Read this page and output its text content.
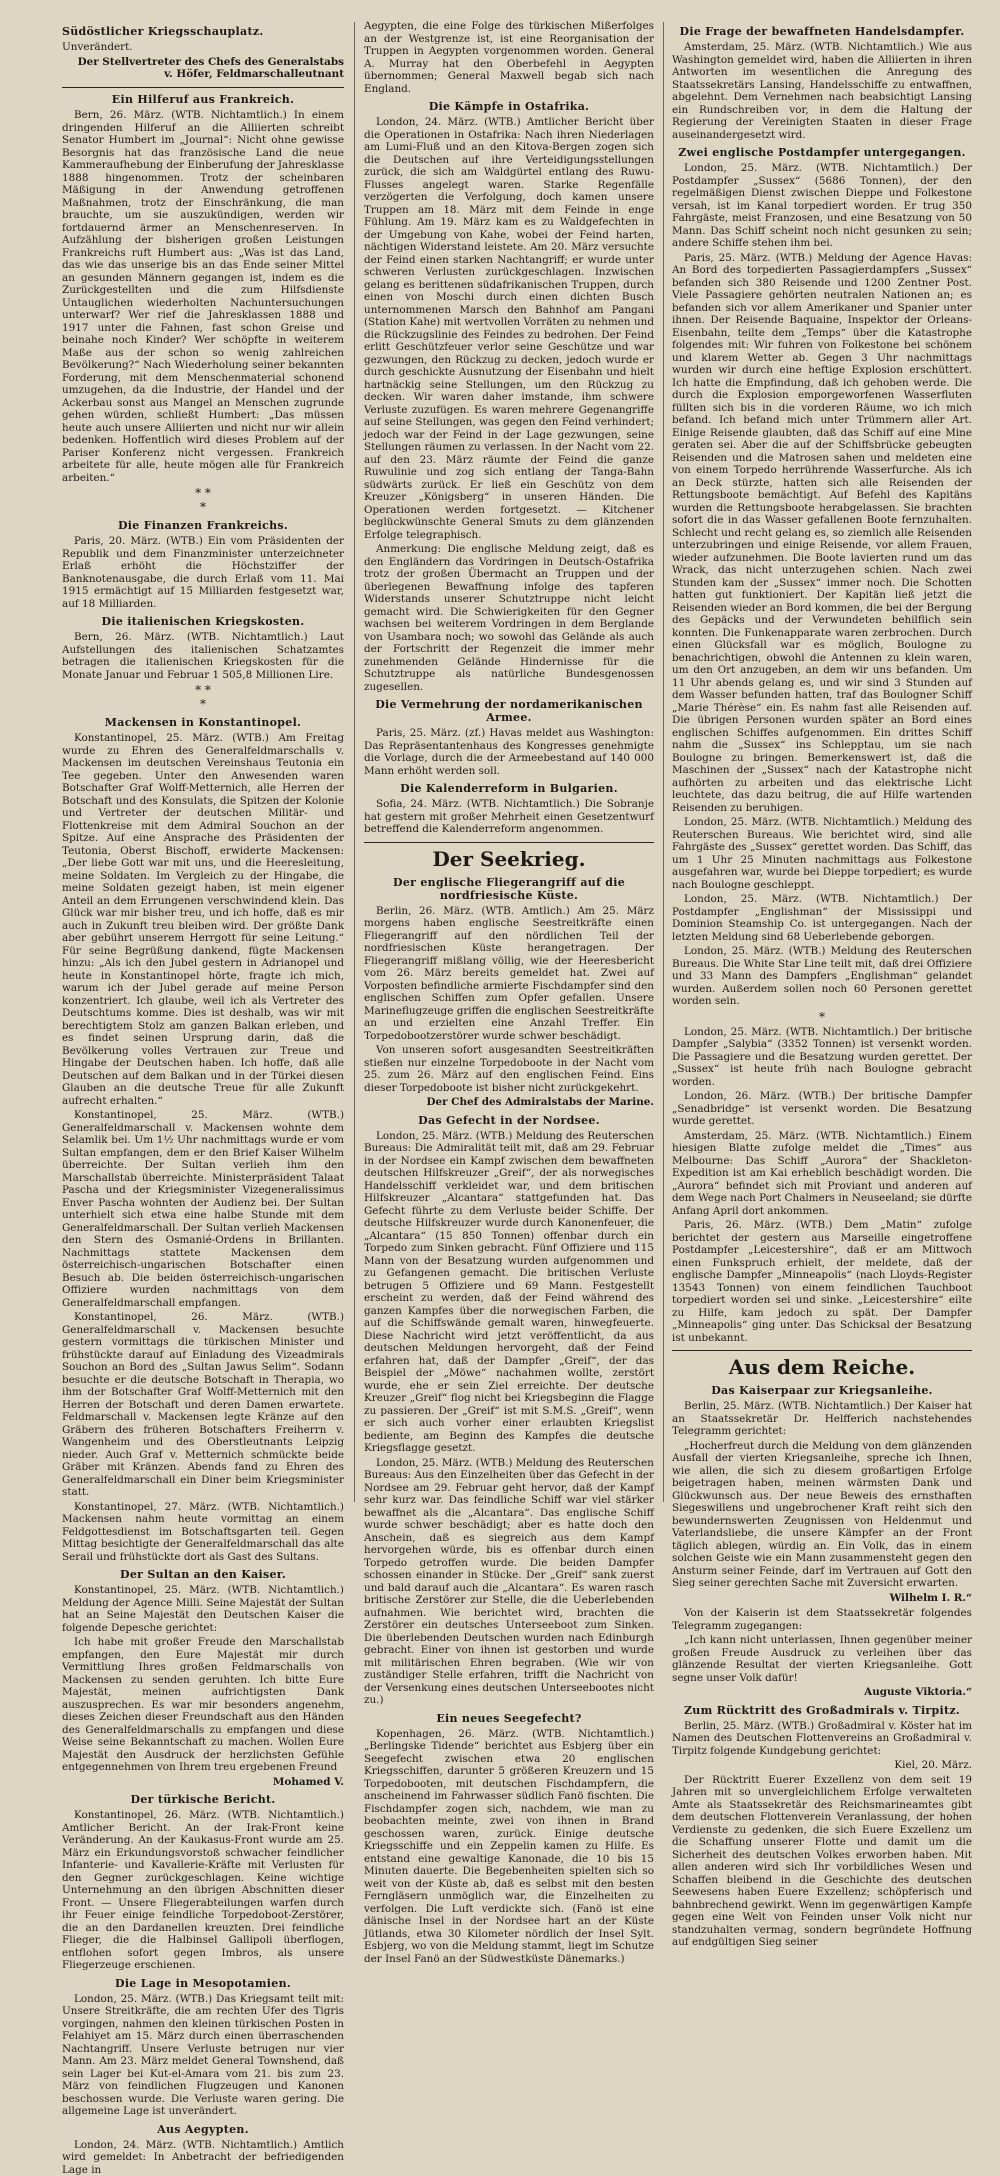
Südöstlicher Kriegsschauplatz.

Unverändert.

Der Stellvertreter des Chefs des Generalstabs v. Höfer, Feldmarschalleutnant

Ein Hilferuf aus Frankreich.

Bern, 26. März. (WTB. Nichtamtlich.) In einem dringenden Hilferuf an die Alliierten schreibt Senator Humbert im „Journal“: Nicht ohne gewisse Besorgnis hat das französische Land die neue Kammeraufhebung der Einberufung der Jahresklasse 1888 hingenommen. Trotz der scheinbaren Mäßigung in der Anwendung getroffenen Maßnahmen, trotz der Einschränkung, die man brauchte, um sie auszukündigen, werden wir fortdauernd ärmer an Menschenreserven. In Aufzählung der bisherigen großen Leistungen Frankreichs ruft Humbert aus: „Was ist das Land, das wie das unserige bis an das Ende seiner Mittel an gesunden Männern gegangen ist, indem es die Zurückgestellten und die zum Hilfsdienste Untauglichen wiederholten Nachuntersuchungen unterwarf? Wer rief die Jahresklassen 1888 und 1917 unter die Fahnen, fast schon Greise und beinahe noch Kinder? Wer schöpfte in weiterem Maße aus der schon so wenig zahlreichen Bevölkerung?“ Nach Wiederholung seiner bekannten Forderung, mit dem Menschenmaterial schonend umzugehen, da die Industrie, der Handel und der Ackerbau sonst aus Mangel an Menschen zugrunde gehen würden, schließt Humbert: „Das müssen heute auch unsere Alliierten und nicht nur wir allein bedenken. Hoffentlich wird dieses Problem auf der Pariser Konferenz nicht vergessen. Frankreich arbeitete für alle, heute mögen alle für Frankreich arbeiten.“

* *
*
Die Finanzen Frankreichs.

Paris, 20. März. (WTB.) Ein vom Präsidenten der Republik und dem Finanzminister unterzeichneter Erlaß erhöht die Höchstziffer der Banknotenausgabe, die durch Erlaß vom 11. Mai 1915 ermächtigt auf 15 Milliarden festgesetzt war, auf 18 Milliarden.

Die italienischen Kriegskosten.

Bern, 26. März. (WTB. Nichtamtlich.) Laut Aufstellungen des italienischen Schatzamtes betragen die italienischen Kriegskosten für die Monate Januar und Februar 1 505,8 Millionen Lire.

* *
*
Mackensen in Konstantinopel.

Konstantinopel, 25. März. (WTB.) Am Freitag wurde zu Ehren des Generalfeldmarschalls v. Mackensen im deutschen Vereinshaus Teutonia ein Tee gegeben. Unter den Anwesenden waren Botschafter Graf Wolff-Metternich, alle Herren der Botschaft und des Konsulats, die Spitzen der Kolonie und Vertreter der deutschen Militär- und Flottenkreise mit dem Admiral Souchon an der Spitze. Auf eine Ansprache des Präsidenten der Teutonia, Oberst Bischoff, erwiderte Mackensen: „Der liebe Gott war mit uns, und die Heeresleitung, meine Soldaten. Im Vergleich zu der Hingabe, die meine Soldaten gezeigt haben, ist mein eigener Anteil an dem Errungenen verschwindend klein. Das Glück war mir bisher treu, und ich hoffe, daß es mir auch in Zukunft treu bleiben wird. Der größte Dank aber gebührt unserem Herrgott für seine Leitung.“ Für seine Begrüßung dankend, fügte Mackensen hinzu: „Als ich den Jubel gestern in Adrianopel und heute in Konstantinopel hörte, fragte ich mich, warum ich der Jubel gerade auf meine Person konzentriert. Ich glaube, weil ich als Vertreter des Deutschtums komme. Dies ist deshalb, was wir mit berechtigtem Stolz am ganzen Balkan erleben, und es findet seinen Ursprung darin, daß die Bevölkerung volles Vertrauen zur Treue und Hingabe der Deutschen haben. Ich hoffe, daß alle Deutschen auf dem Balkan und in der Türkei diesen Glauben an die deutsche Treue für alle Zukunft aufrecht erhalten.“

Konstantinopel, 25. März. (WTB.) Generalfeldmarschall v. Mackensen wohnte dem Selamlik bei. Um 1½ Uhr nachmittags wurde er vom Sultan empfangen, dem er den Brief Kaiser Wilhelm überreichte. Der Sultan verlieh ihm den Marschallstab überreichte. Ministerpräsident Talaat Pascha und der Kriegsminister Vizegeneralissimus Enver Pascha wohnten der Audienz bei. Der Sultan unterhielt sich etwa eine halbe Stunde mit dem Generalfeldmarschall. Der Sultan verlieh Mackensen den Stern des Osmanié-Ordens in Brillanten. Nachmittags stattete Mackensen dem österreichisch-ungarischen Botschafter einen Besuch ab. Die beiden österreichisch-ungarischen Offiziere wurden nachmittags von dem Generalfeldmarschall empfangen.

Konstantinopel, 26. März. (WTB.) Generalfeldmarschall v. Mackensen besuchte gestern vormittags die türkischen Minister und frühstückte darauf auf Einladung des Vizeadmirals Souchon an Bord des „Sultan Jawus Selim“. Sodann besuchte er die deutsche Botschaft in Therapia, wo ihm der Botschafter Graf Wolff-Metternich mit den Herren der Botschaft und deren Damen erwartete. Feldmarschall v. Mackensen legte Kränze auf den Gräbern des früheren Botschafters Freiherrn v. Wangenheim und des Oberstleutnants Leipzig nieder. Auch Graf v. Metternich schmückte beide Gräber mit Kränzen. Abends fand zu Ehren des Generalfeldmarschall ein Diner beim Kriegsminister statt.

Konstantinopel, 27. März. (WTB. Nichtamtlich.) Mackensen nahm heute vormittag an einem Feldgottesdienst im Botschaftsgarten teil. Gegen Mittag besichtigte der Generalfeldmarschall das alte Serail und frühstückte dort als Gast des Sultans.

Der Sultan an den Kaiser.

Konstantinopel, 25. März. (WTB. Nichtamtlich.) Meldung der Agence Milli. Seine Majestät der Sultan hat an Seine Majestät den Deutschen Kaiser die folgende Depesche gerichtet:

Ich habe mit großer Freude den Marschallstab empfangen, den Eure Majestät mir durch Vermittlung Ihres großen Feldmarschalls von Mackensen zu senden geruhten. Ich bitte Eure Majestät, meinen aufrichtigsten Dank auszusprechen. Es war mir besonders angenehm, dieses Zeichen dieser Freundschaft aus den Händen des Generalfeldmarschalls zu empfangen und diese Weise seine Bekanntschaft zu machen. Wollen Eure Majestät den Ausdruck der herzlichsten Gefühle entgegennehmen von Ihrem treu ergebenen Freund

Mohamed V.

Der türkische Bericht.

Konstantinopel, 26. März. (WTB. Nichtamtlich.) Amtlicher Bericht. An der Irak-Front keine Veränderung. An der Kaukasus-Front wurde am 25. März ein Erkundungsvorstoß schwacher feindlicher Infanterie- und Kavallerie-Kräfte mit Verlusten für den Gegner zurückgeschlagen. Keine wichtige Unternehmung an den übrigen Abschnitten dieser Front. — Unsere Fliegerabteilungen warfen durch ihr Feuer einige feindliche Torpedoboot-Zerstörer, die an den Dardanellen kreuzten. Drei feindliche Flieger, die die Halbinsel Gallipoli überflogen, entflohen sofort gegen Imbros, als unsere Fliegerzeuge erschienen.

Die Lage in Mesopotamien.

London, 25. März. (WTB.) Das Kriegsamt teilt mit: Unsere Streitkräfte, die am rechten Ufer des Tigris vorgingen, nahmen den kleinen türkischen Posten in Felahiyet am 15. März durch einen überraschenden Nachtangriff. Unsere Verluste betrugen nur vier Mann. Am 23. März meldet General Townshend, daß sein Lager bei Kut-el-Amara vom 21. bis zum 23. März von feindlichen Flugzeugen und Kanonen beschossen wurde. Die Verluste waren gering. Die allgemeine Lage ist unverändert.

Aus Aegypten.

London, 24. März. (WTB. Nichtamtlich.) Amtlich wird gemeldet: In Anbetracht der befriedigenden Lage in

Aegypten, die eine Folge des türkischen Mißerfolges an der Westgrenze ist, ist eine Reorganisation der Truppen in Aegypten vorgenommen worden. General A. Murray hat den Oberbefehl in Aegypten übernommen; General Maxwell begab sich nach England.

Die Kämpfe in Ostafrika.

London, 24. März. (WTB.) Amtlicher Bericht über die Operationen in Ostafrika: Nach ihren Niederlagen am Lumi-Fluß und an den Kitova-Bergen zogen sich die Deutschen auf ihre Verteidigungsstellungen zurück, die sich am Waldgürtel entlang des Ruwu-Flusses angelegt waren. Starke Regenfälle verzögerten die Verfolgung, doch kamen unsere Truppen am 18. März mit dem Feinde in enge Fühlung. Am 19. März kam es zu Waldgefechten in der Umgebung von Kahe, wobei der Feind harten, nächtigen Widerstand leistete. Am 20. März versuchte der Feind einen starken Nachtangriff; er wurde unter schweren Verlusten zurückgeschlagen. Inzwischen gelang es berittenen südafrikanischen Truppen, durch einen von Moschi durch einen dichten Busch unternommenen Marsch den Bahnhof am Pangani (Station Kahe) mit wertvollen Vorräten zu nehmen und die Rückzugslinie des Feindes zu bedrohen. Der Feind erlitt Geschützfeuer verlor seine Geschütze und war gezwungen, den Rückzug zu decken, jedoch wurde er durch geschickte Ausnutzung der Eisenbahn und hielt hartnäckig seine Stellungen, um den Rückzug zu decken. Wir waren daher imstande, ihm schwere Verluste zuzufügen. Es waren mehrere Gegenangriffe auf seine Stellungen, was gegen den Feind verhindert; jedoch war der Feind in der Lage gezwungen, seine Stellungen räumen zu verlassen. In der Nacht vom 22. auf den 23. März räumte der Feind die ganze Ruwulinie und zog sich entlang der Tanga-Bahn südwärts zurück. Er ließ ein Geschütz von dem Kreuzer „Königsberg“ in unseren Händen. Die Operationen werden fortgesetzt. — Kitchener beglückwünschte General Smuts zu dem glänzenden Erfolge telegraphisch.

Anmerkung: Die englische Meldung zeigt, daß es den Engländern das Vordringen in Deutsch-Ostafrika trotz der großen Übermacht an Truppen und der überlegenen Bewaffnung infolge des tapferen Widerstands unserer Schutztruppe nicht leicht gemacht wird. Die Schwierigkeiten für den Gegner wachsen bei weiterem Vordringen in dem Berglande von Usambara noch; wo sowohl das Gelände als auch der Fortschritt der Regenzeit die immer mehr zunehmenden Gelände Hindernisse für die Schutztruppe als natürliche Bundesgenossen zugesellen.

Die Vermehrung der nordamerikanischen Armee.

Paris, 25. März. (zf.) Havas meldet aus Washington: Das Repräsentantenhaus des Kongresses genehmigte die Vorlage, durch die der Armeebestand auf 140 000 Mann erhöht werden soll.

Die Kalenderreform in Bulgarien.

Sofia, 24. März. (WTB. Nichtamtlich.) Die Sobranje hat gestern mit großer Mehrheit einen Gesetzentwurf betreffend die Kalenderreform angenommen.

Der Seekrieg.
Der englische Fliegerangriff auf die nordfriesische Küste.

Berlin, 26. März. (WTB. Amtlich.) Am 25. März morgens haben englische Seestreitkräfte einen Fliegerangriff auf den nördlichen Teil der nordfriesischen Küste herangetragen. Der Fliegerangriff mißlang völlig, wie der Heeresbericht vom 26. März bereits gemeldet hat. Zwei auf Vorposten befindliche armierte Fischdampfer sind den englischen Schiffen zum Opfer gefallen. Unsere Marineflugzeuge griffen die englischen Seestreitkräfte an und erzielten eine Anzahl Treffer. Ein Torpedobootzerstörer wurde schwer beschädigt.

Von unseren sofort ausgesandten Seestreitkräften stießen nur einzelne Torpedoboote in der Nacht vom 25. zum 26. März auf den englischen Feind. Eins dieser Torpedoboote ist bisher nicht zurückgekehrt.

Der Chef des Admiralstabs der Marine.

Das Gefecht in der Nordsee.

London, 25. März. (WTB.) Meldung des Reuterschen Bureaus: Die Admiralität teilt mit, daß am 29. Februar in der Nordsee ein Kampf zwischen dem bewaffneten deutschen Hilfskreuzer „Greif“, der als norwegisches Handelsschiff verkleidet war, und dem britischen Hilfskreuzer „Alcantara“ stattgefunden hat. Das Gefecht führte zu dem Verluste beider Schiffe. Der deutsche Hilfskreuzer wurde durch Kanonenfeuer, die „Alcantara“ (15 850 Tonnen) offenbar durch ein Torpedo zum Sinken gebracht. Fünf Offiziere und 115 Mann von der Besatzung wurden aufgenommen und zu Gefangenen gemacht. Die britischen Verluste betrugen 5 Offiziere und 69 Mann. Festgestellt erscheint zu werden, daß der Feind während des ganzen Kampfes über die norwegischen Farben, die auf die Schiffswände gemalt waren, hinwegfeuerte. Diese Nachricht wird jetzt veröffentlicht, da aus deutschen Meldungen hervorgeht, daß der Feind erfahren hat, daß der Dampfer „Greif“, der das Beispiel der „Möwe“ nachahmen wollte, zerstört wurde, ehe er sein Ziel erreichte. Der deutsche Kreuzer „Greif“ flog nicht bei Kriegsbeginn die Flagge zu passieren. Der „Greif“ ist mit S.M.S. „Greif“, wenn er sich auch vorher einer erlaubten Kriegslist bediente, am Beginn des Kampfes die deutsche Kriegsflagge gesetzt.

London, 25. März. (WTB.) Meldung des Reuterschen Bureaus: Aus den Einzelheiten über das Gefecht in der Nordsee am 29. Februar geht hervor, daß der Kampf sehr kurz war. Das feindliche Schiff war viel stärker bewaffnet als die „Alcantara“. Das englische Schiff wurde schwer beschädigt; aber es hatte doch den Anschein, daß es siegreich aus dem Kampf hervorgehen würde, bis es offenbar durch einen Torpedo getroffen wurde. Die beiden Dampfer schossen einander in Stücke. Der „Greif“ sank zuerst und bald darauf auch die „Alcantara“. Es waren rasch britische Zerstörer zur Stelle, die die Ueberlebenden aufnahmen. Wie berichtet wird, brachten die Zerstörer ein deutsches Unterseeboot zum Sinken. Die überlebenden Deutschen wurden nach Edinburgh gebracht. Einer von ihnen ist gestorben und wurde mit militärischen Ehren begraben. (Wie wir von zuständiger Stelle erfahren, trifft die Nachricht von der Versenkung eines deutschen Unterseebootes nicht zu.)

Ein neues Seegefecht?

Kopenhagen, 26. März. (WTB. Nichtamtlich.) „Berlingske Tidende“ berichtet aus Esbjerg über ein Seegefecht zwischen etwa 20 englischen Kriegsschiffen, darunter 5 größeren Kreuzern und 15 Torpedobooten, mit deutschen Fischdampfern, die anscheinend im Fahrwasser südlich Fanö fischten. Die Fischdampfer zogen sich, nachdem, wie man zu beobachten meinte, zwei von ihnen in Brand geschossen waren, zurück. Einige deutsche Kriegsschiffe und ein Zeppelin kamen zu Hilfe. Es entstand eine gewaltige Kanonade, die 10 bis 15 Minuten dauerte. Die Begebenheiten spielten sich so weit von der Küste ab, daß es selbst mit den besten Ferngläsern unmöglich war, die Einzelheiten zu verfolgen. Die Luft verdickte sich. (Fanö ist eine dänische Insel in der Nordsee hart an der Küste Jütlands, etwa 30 Kilometer nördlich der Insel Sylt. Esbjerg, wo von die Meldung stammt, liegt im Schutze der Insel Fanö an der Südwestküste Dänemarks.)

Die Frage der bewaffneten Handelsdampfer.

Amsterdam, 25. März. (WTB. Nichtamtlich.) Wie aus Washington gemeldet wird, haben die Alliierten in ihren Antworten im wesentlichen die Anregung des Staatssekretärs Lansing, Handelsschiffe zu entwaffnen, abgelehnt. Dem Vernehmen nach beabsichtigt Lansing ein Rundschreiben vor, in dem die Haltung der Regierung der Vereinigten Staaten in dieser Frage auseinandergesetzt wird.

Zwei englische Postdampfer untergegangen.

London, 25. März. (WTB. Nichtamtlich.) Der Postdampfer „Sussex“ (5686 Tonnen), der den regelmäßigen Dienst zwischen Dieppe und Folkestone versah, ist im Kanal torpediert worden. Er trug 350 Fahrgäste, meist Franzosen, und eine Besatzung von 50 Mann. Das Schiff scheint noch nicht gesunken zu sein; andere Schiffe stehen ihm bei.

Paris, 25. März. (WTB.) Meldung der Agence Havas: An Bord des torpedierten Passagierdampfers „Sussex“ befanden sich 380 Reisende und 1200 Zentner Post. Viele Passagiere gehörten neutralen Nationen an; es befanden sich vor allem Amerikaner und Spanier unter ihnen. Der Reisende Baquaine, Inspektor der Orleans-Eisenbahn, teilte dem „Temps“ über die Katastrophe folgendes mit: Wir fuhren von Folkestone bei schönem und klarem Wetter ab. Gegen 3 Uhr nachmittags wurden wir durch eine heftige Explosion erschüttert. Ich hatte die Empfindung, daß ich gehoben werde. Die durch die Explosion emporgeworfenen Wasserfluten füllten sich bis in die vorderen Räume, wo ich mich befand. Ich befand mich unter Trümmern aller Art. Einige Reisende glaubten, daß das Schiff auf eine Mine geraten sei. Aber die auf der Schiffsbrücke gebeugten Reisenden und die Matrosen sahen und meldeten eine von einem Torpedo herrührende Wasserfurche. Als ich an Deck stürzte, hatten sich alle Reisenden der Rettungsboote bemächtigt. Auf Befehl des Kapitäns wurden die Rettungsboote herabgelassen. Sie brachten sofort die in das Wasser gefallenen Boote fernzuhalten. Schlecht und recht gelang es, so ziemlich alle Reisenden unterzubringen und einige Reisende, vor allem Frauen, wieder aufzunehmen. Die Boote lavierten rund um das Wrack, das nicht unterzugehen schien. Nach zwei Stunden kam der „Sussex“ immer noch. Die Schotten hatten gut funktioniert. Der Kapitän ließ jetzt die Reisenden wieder an Bord kommen, die bei der Bergung des Gepäcks und der Verwundeten behilflich sein konnten. Die Funkenapparate waren zerbrochen. Durch einen Glücksfall war es möglich, Boulogne zu benachrichtigen, obwohl die Antennen zu klein waren, um den Ort anzugeben, an dem wir uns befanden. Um 11 Uhr abends gelang es, und wir sind 3 Stunden auf dem Wasser befunden hatten, traf das Boulogner Schiff „Marie Thérèse“ ein. Es nahm fast alle Reisenden auf. Die übrigen Personen wurden später an Bord eines englischen Schiffes aufgenommen. Ein drittes Schiff nahm die „Sussex“ ins Schlepptau, um sie nach Boulogne zu bringen. Bemerkenswert ist, daß die Maschinen der „Sussex“ nach der Katastrophe nicht aufhörten zu arbeiten und das elektrische Licht leuchtete, das dazu beitrug, die auf Hilfe wartenden Reisenden zu beruhigen.

London, 25. März. (WTB. Nichtamtlich.) Meldung des Reuterschen Bureaus. Wie berichtet wird, sind alle Fahrgäste des „Sussex“ gerettet worden. Das Schiff, das um 1 Uhr 25 Minuten nachmittags aus Folkestone ausgefahren war, wurde bei Dieppe torpediert; es wurde nach Boulogne geschleppt.

London, 25. März. (WTB. Nichtamtlich.) Der Postdampfer „Englishman“ der Mississippi und Dominion Steamship Co. ist untergegangen. Nach der letzten Meldung sind 68 Ueberlebende geborgen.

London, 25. März. (WTB.) Meldung des Reuterschen Bureaus. Die White Star Line teilt mit, daß drei Offiziere und 33 Mann des Dampfers „Englishman“ gelandet wurden. Außerdem sollen noch 60 Personen gerettet worden sein.

*

London, 25. März. (WTB. Nichtamtlich.) Der britische Dampfer „Salybia“ (3352 Tonnen) ist versenkt worden. Die Passagiere und die Besatzung wurden gerettet. Der „Sussex“ ist heute früh nach Boulogne gebracht worden.

London, 26. März. (WTB.) Der britische Dampfer „Senadbridge“ ist versenkt worden. Die Besatzung wurde gerettet.

Amsterdam, 25. März. (WTB. Nichtamtlich.) Einem hiesigen Blatte zufolge meldet die „Times“ aus Melbourne: Das Schiff „Aurora“ der Shackleton-Expedition ist am Kai erheblich beschädigt worden. Die „Aurora“ befindet sich mit Proviant und anderen auf dem Wege nach Port Chalmers in Neuseeland; sie dürfte Anfang April dort ankommen.

Paris, 26. März. (WTB.) Dem „Matin“ zufolge berichtet der gestern aus Marseille eingetroffene Postdampfer „Leicestershire“, daß er am Mittwoch einen Funkspruch erhielt, der meldete, daß der englische Dampfer „Minneapolis“ (nach Lloyds-Register 13543 Tonnen) von einem feindlichen Tauchboot torpediert worden sei und sinke. „Leicestershire“ eilte zu Hilfe, kam jedoch zu spät. Der Dampfer „Minneapolis“ ging unter. Das Schicksal der Besatzung ist unbekannt.

Aus dem Reiche.
Das Kaiserpaar zur Kriegsanleihe.

Berlin, 25. März. (WTB. Nichtamtlich.) Der Kaiser hat an Staatssekretär Dr. Helfferich nachstehendes Telegramm gerichtet:

„Hocherfreut durch die Meldung von dem glänzenden Ausfall der vierten Kriegsanleihe, spreche ich Ihnen, wie allen, die sich zu diesem großartigen Erfolge beigetragen haben, meinen wärmsten Dank und Glückwunsch aus. Der neue Beweis des ernsthaften Siegeswillens und ungebrochener Kraft reiht sich den bewundernswerten Zeugnissen von Heldenmut und Vaterlandsliebe, die unsere Kämpfer an der Front täglich ablegen, würdig an. Ein Volk, das in einem solchen Geiste wie ein Mann zusammensteht gegen den Ansturm seiner Feinde, darf im Vertrauen auf Gott den Sieg seiner gerechten Sache mit Zuversicht erwarten.

Wilhelm I. R.“

Von der Kaiserin ist dem Staatssekretär folgendes Telegramm zugegangen:

„Ich kann nicht unterlassen, Ihnen gegenüber meiner großen Freude Ausdruck zu verleihen über das glänzende Resultat der vierten Kriegsanleihe. Gott segne unser Volk dafür!

Auguste Viktoria.“

Zum Rücktritt des Großadmirals v. Tirpitz.

Berlin, 25. März. (WTB.) Großadmiral v. Köster hat im Namen des Deutschen Flottenvereins an Großadmiral v. Tirpitz folgende Kundgebung gerichtet:

Kiel, 20. März.

Der Rücktritt Euerer Exzellenz von dem seit 19 Jahren mit so unvergleichlichem Erfolge verwalteten Amte als Staatssekretär des Reichsmarineamtes gibt dem deutschen Flottenverein Veranlassung, der hohen Verdienste zu gedenken, die sich Euere Exzellenz um die Schaffung unserer Flotte und damit um die Sicherheit des deutschen Volkes erworben haben. Mit allen anderen wird sich Ihr vorbildliches Wesen und Schaffen bleibend in die Geschichte des deutschen Seewesens haben Euere Exzellenz; schöpferisch und bahnbrechend gewirkt. Wenn im gegenwärtigen Kampfe gegen eine Welt von Feinden unser Volk nicht nur standzuhalten vermag, sondern begründete Hoffnung auf endgültigen Sieg seiner
